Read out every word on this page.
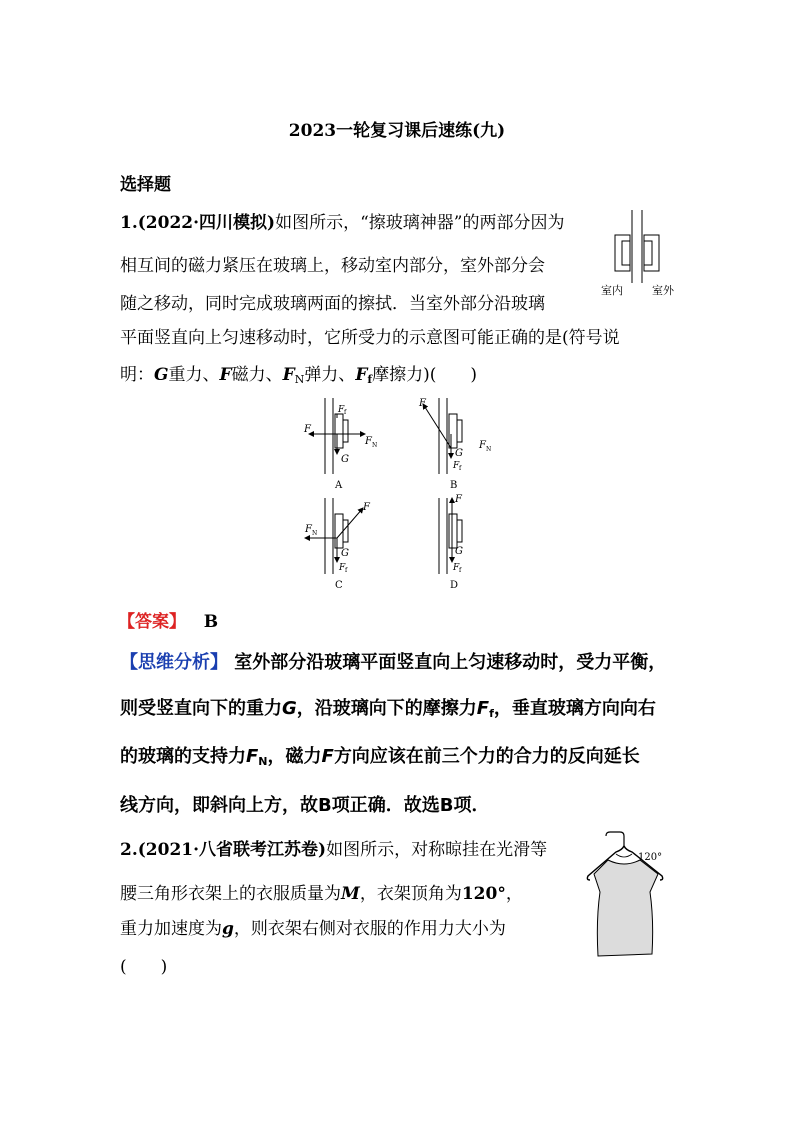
2023一轮复习课后速练(九)
选择题
1.(2022·四川模拟)如图所示，“擦玻璃神器”的两部分因为
相互间的磁力紧压在玻璃上，移动室内部分，室外部分会
随之移动，同时完成玻璃两面的擦拭．当室外部分沿玻璃
平面竖直向上匀速移动时，它所受力的示意图可能正确的是(符号说
明：G重力、F磁力、$F_N$弹力、$F_f$摩擦力)(　　)
室内	室外
F
F N
G
F f
A
F
F N
G
F f
B
F
F N
G
F f
C
F
G
F f
D
【答案】 B
【思维分析】 室外部分沿玻璃平面竖直向上匀速移动时，受力平衡，
则受竖直向下的重力G，沿玻璃向下的摩擦力$F_f$，垂直玻璃方向向右
的玻璃的支持力$F_N$，磁力F方向应该在前三个力的合力的反向延长
线方向，即斜向上方，故B项正确．故选B项．
2.(2021·八省联考江苏卷)如图所示，对称晾挂在光滑等
腰三角形衣架上的衣服质量为M，衣架顶角为120°，
重力加速度为g，则衣架右侧对衣服的作用力大小为
(　　)
120°
